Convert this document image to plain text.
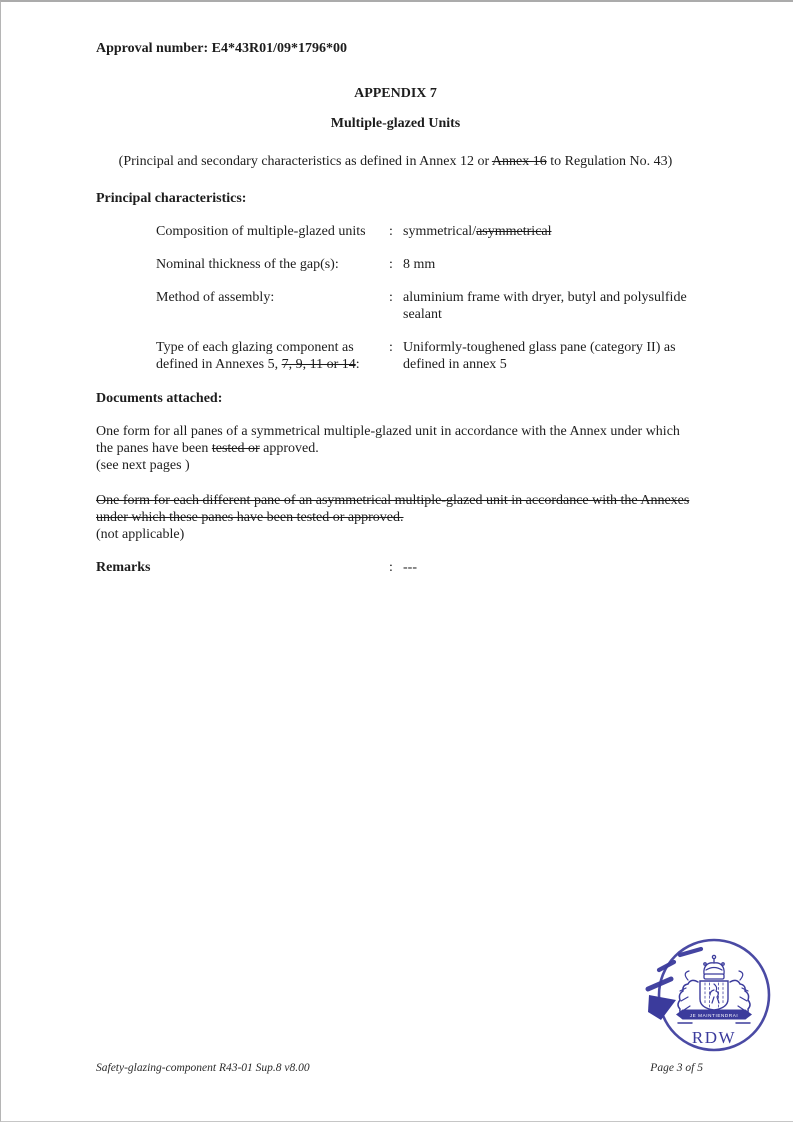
Approval number: E4*43R01/09*1796*00
APPENDIX 7
Multiple-glazed Units
(Principal and secondary characteristics as defined in Annex 12 or Annex 16 to Regulation No. 43)
Principal characteristics:
Composition of multiple-glazed units	: symmetrical/asymmetrical
Nominal thickness of the gap(s):	: 8 mm
Method of assembly:	: aluminium frame with dryer, butyl and polysulfide sealant
Type of each glazing component as defined in Annexes 5, 7, 9, 11 or 14:
: Uniformly-toughened glass pane (category II) as defined in annex 5
Documents attached:
One form for all panes of a symmetrical multiple-glazed unit in accordance with the Annex under which the panes have been tested or approved.
(see next pages )
One form for each different pane of an asymmetrical multiple-glazed unit in accordance with the Annexes under which these panes have been tested or approved.
(not applicable)
Remarks	: ---
JE MAINTIENDRAI
RDW
Safety-glazing-component R43-01 Sup.8 v8.00	Page 3 of 5
